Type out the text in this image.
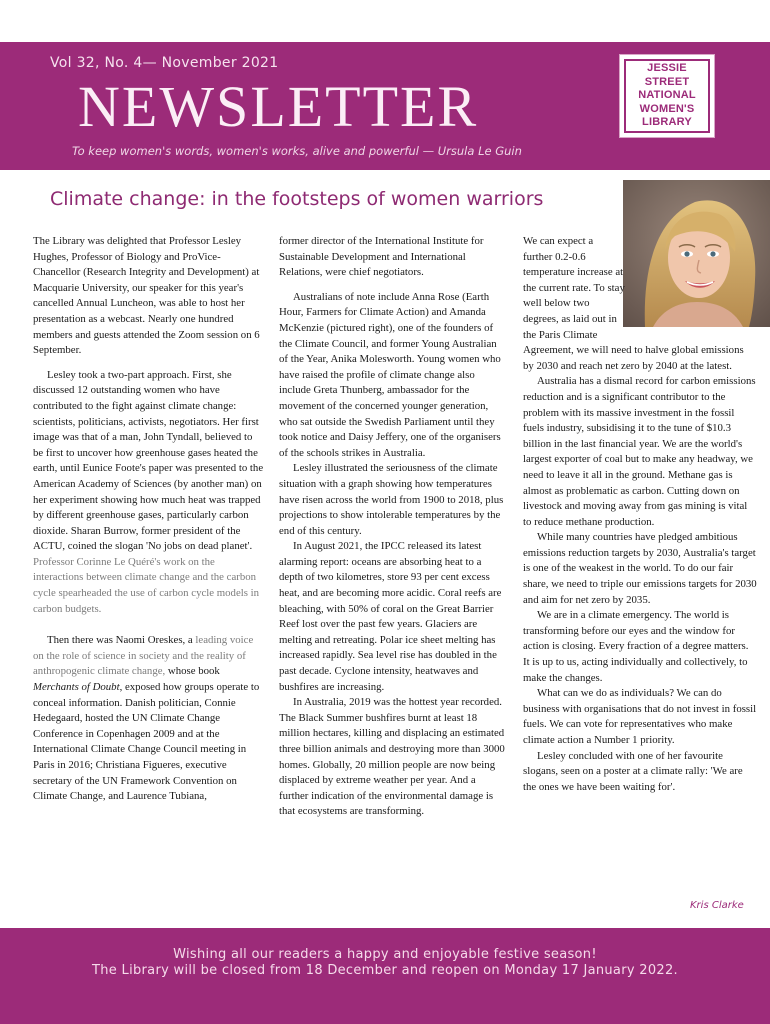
Vol 32, No. 4— November 2021
NEWSLETTER
To keep women's words, women's works, alive and powerful — Ursula Le Guin
JESSIE
STREET
NATIONAL
WOMEN'S
LIBRARY
Climate change: in the footsteps of women warriors

The Library was delighted that Professor Lesley Hughes, Professor of Biology and ProVice-Chancellor (Research Integrity and Development) at Macquarie University, our speaker for this year's cancelled Annual Luncheon, was able to host her presentation as a webcast. Nearly one hundred members and guests attended the Zoom session on 6 September.

Lesley took a two-part approach. First, she discussed 12 outstanding women who have contributed to the fight against climate change: scientists, politicians, activists, negotiators. Her first image was that of a man, John Tyndall, believed to be first to uncover how greenhouse gases heated the earth, until Eunice Foote's paper was presented to the American Academy of Sciences (by another man) on her experiment showing how much heat was trapped by different greenhouse gases, particularly carbon dioxide. Sharan Burrow, former president of the ACTU, coined the slogan 'No jobs on dead planet'.

Professor Corinne Le Quéré's work on the interactions between climate change and the carbon cycle spearheaded the use of carbon cycle models in carbon budgets.

Then there was Naomi Oreskes, a leading voice on the role of science in society and the reality of anthropogenic climate change, whose book Merchants of Doubt, exposed how groups operate to conceal information. Danish politician, Connie Hedegaard, hosted the UN Climate Change Conference in Copenhagen 2009 and at the International Climate Change Council meeting in Paris in 2016; Christiana Figueres, executive secretary of the UN Framework Convention on Climate Change, and Laurence Tubiana,

former director of the International Institute for Sustainable Development and International Relations, were chief negotiators.

Australians of note include Anna Rose (Earth Hour, Farmers for Climate Action) and Amanda McKenzie (pictured right), one of the founders of the Climate Council, and former Young Australian of the Year, Anika Molesworth. Young women who have raised the profile of climate change also include Greta Thunberg, ambassador for the movement of the concerned younger generation, who sat outside the Swedish Parliament until they took notice and Daisy Jeffery, one of the organisers of the schools strikes in Australia.

Lesley illustrated the seriousness of the climate situation with a graph showing how temperatures have risen across the world from 1900 to 2018, plus projections to show intolerable temperatures by the end of this century.

In August 2021, the IPCC released its latest alarming report: oceans are absorbing heat to a depth of two kilometres, store 93 per cent excess heat, and are becoming more acidic. Coral reefs are bleaching, with 50% of coral on the Great Barrier Reef lost over the past few years. Glaciers are melting and retreating. Polar ice sheet melting has increased rapidly. Sea level rise has doubled in the past decade. Cyclone intensity, heatwaves and bushfires are increasing.

In Australia, 2019 was the hottest year recorded. The Black Summer bushfires burnt at least 18 million hectares, killing and displacing an estimated three billion animals and destroying more than 3000 homes. Globally, 20 million people are now being displaced by extreme weather per year. And a further indication of the environmental damage is that ecosystems are transforming.

We can expect a further 0.2-0.6 temperature increase at the current rate. To stay well below two degrees, as laid out in the Paris Climate Agreement, we will need to halve global emissions by 2030 and reach net zero by 2040 at the latest.

Australia has a dismal record for carbon emissions reduction and is a significant contributor to the problem with its massive investment in the fossil fuels industry, subsidising it to the tune of $10.3 billion in the last financial year. We are the world's largest exporter of coal but to make any headway, we need to leave it all in the ground. Methane gas is almost as problematic as carbon. Cutting down on livestock and moving away from gas mining is vital to reduce methane production.

While many countries have pledged ambitious emissions reduction targets by 2030, Australia's target is one of the weakest in the world. To do our fair share, we need to triple our emissions targets for 2030 and aim for net zero by 2035.

We are in a climate emergency. The world is transforming before our eyes and the window for action is closing. Every fraction of a degree matters. It is up to us, acting individually and collectively, to make the changes.

What can we do as individuals? We can do business with organisations that do not invest in fossil fuels. We can vote for representatives who make climate action a Number 1 priority.

Lesley concluded with one of her favourite slogans, seen on a poster at a climate rally: 'We are the ones we have been waiting for'.

Kris Clarke
Wishing all our readers a happy and enjoyable festive season!
The Library will be closed from 18 December and reopen on Monday 17 January 2022.
